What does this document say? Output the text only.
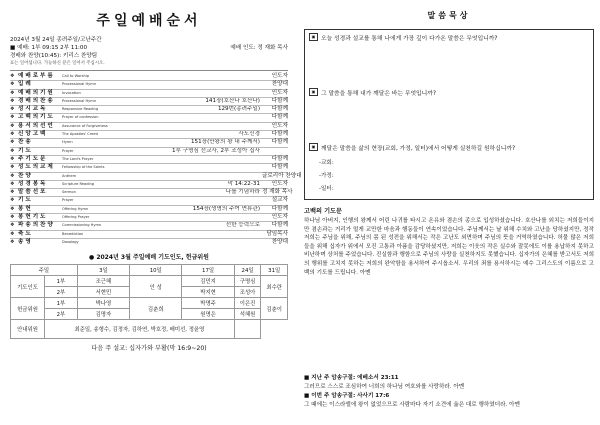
주일예배순서
2024년 3월 24일 종려주일/고난주간
■ 예배: 1부 09:15 2부 11:00	예배 인도: 정 재화 목사
경배와 찬양(10:45): 키리스 찬양팀
표는 일어섭니다. 가능하신 분은 일어서 주십시오.
❖ 예 배 로 부 름	Call to Worship	인도자
❖ 입 례	Processional Hymn	찬양대
❖ 예 배 의 기 원	Invocation	인도자
❖ 경 배 의 찬 송	Processional Hymn	141장(호산나 호산나)	다함께
❖ 성 시 교 독	Responsive Reading	129번(종려주일)	다함께
❖ 고 백 의 기 도	Prayer of confession	다함께
❖ 용 서 의 선 언	Assurance of Forgiveness	인도자
❖ 신 앙 고 백	The Apostles' Creed	사도신경	다함께
❖ 찬 송	Hymn	151장(만왕의 왕 내 주께서)	다함께
❖ 기 도	Prayer	1부 구명심 선교사, 2부 조성아 집사
❖ 주 기 도 문	The Lord's Prayer	다함께
❖ 성 도 의 교 제	Fellowship of the Saints	다함께
❖ 찬 양	Anthem	글로리아 찬양대
❖ 성 경 봉 독	Scripture Reading	막 14:22-31	인도자
❖ 말 씀 선 포	Sermon	나를 기념하라 정 재화 목사
❖ 기 도	Prayer	설교자
❖ 봉 헌	Offering Hymn	154장(생명의 주여 면류관)	다함께
❖ 봉 헌 기 도	Offering Prayer	인도자
❖ 파 송 의 찬 양	Commissioning Hymn	선한 능력으로	다함께
❖ 축 도	Benediction	담임목사
❖ 송 영	Doxology	찬양대
● 2024년 3월 주일예배 기도인도, 헌금위원
주일		3일	10일	17일	24일	31일
기도인도	1부	조근혜	인 성	김민지	구명심	최수란
	2부	서현민		박지현	조성아	
헌금위원	1부	박나영	김춘희	박명주	이은진	김춘이
	2부	김명자		원명은	석혜원	
안내위원	최준일, 송형수, 김정자, 김하연, 박호정, 배미선, 정윤영					
다음 주 설교: 십자가와 부활(막 16:9~20)
말씀묵상
▣ 오늘 성경과 설교를 통해 나에게 가장 깊이 다가온 말씀은 무엇입니까?
▣ 그 말씀을 통해 내가 깨달은 바는 무엇입니까?
▣ 깨달은 말씀을 삶의 현장(교회, 가정, 일터)에서 어떻게 실천하길 원하십니까?
-교회:
-가정:
-일터:
고백의 기도문
하나님 아버지, 인행의 왕께서 어린 나귀를 타시고 온유와 겸손의 종으로 입성하셨습니다. 호산나를 외치는 저희들이지만 겸손과는 거리가 멀게 교만한 마음과 행동들이 연속이었습니다. 주님께서는 날 위해 수치와 고난을 당하셨지만, 정작 저희는 주님을 위해, 주님의 몸 된 성전을 위해서는 작은 고난도 외면하며 주님의 뜻을 거역하였습니다. 허물 많은 저희들을 위해 십자가 위에서 모진 고통과 아픔을 감당하셨지만, 저희는 이웃의 작은 실수와 잘못에도 이를 용납하지 못하고 비난하며 상처를 주었습니다. 진실함과 행함으로 주님의 사랑을 실천하지도 못했습니다. 십자가의 은혜를 받고서도 저희의 행위를 고치지 못하는 저희의 완악함을 용서하여 주시옵소서. 우리의 죄를 용서하시는 예수 그리스도의 이름으로 고백의 기도를 드립니다. 아멘
■ 지난 주 암송구절: 에베소서 23:11
그러므로 스스로 조심하여 너희의 하나님 여호와를 사랑하라. 아멘
■ 이번 주 암송구절: 사사기 17:6
그 때에는 이스라엘에 왕이 없었으므로 사람마다 자기 소견에 옳은 대로 행하였더라. 아멘
